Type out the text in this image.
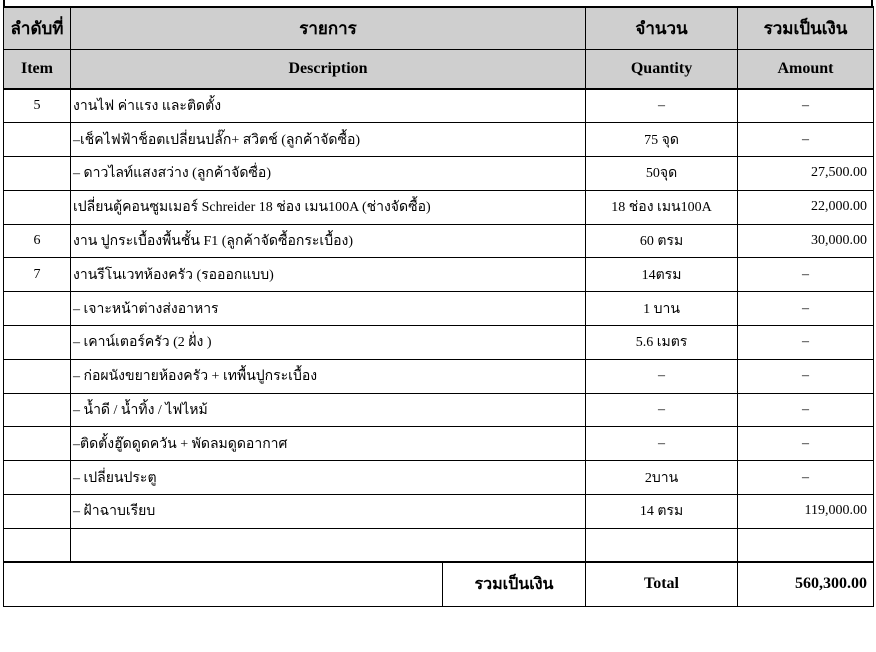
ลำดับที่	รายการ		จำนวน	รวมเป็นเงิน
Item	Description		Quantity	Amount
5	งานไฟ ค่าแรง และติดตั้ง		–	–
	–เช็คไฟฟ้าช็อตเปลี่ยนปลั๊ก+ สวิตช์ (ลูกค้าจัดซื้อ)		75 จุด	–
	– ดาวไลท์แสงสว่าง (ลูกค้าจัดซื่อ)		50จุด	27,500.00
	เปลี่ยนตู้คอนซูมเมอร์ Schreider 18 ช่อง เมน100A (ช่างจัดซื้อ)		18 ช่อง เมน100A	22,000.00
6	งาน ปูกระเบื้องพื้นชั้น F1 (ลูกค้าจัดซื้อกระเบื้อง)		60 ตรม	30,000.00
7	งานรีโนเวทห้องครัว (รอออกแบบ)		14ตรม	–
	– เจาะหน้าต่างส่งอาหาร		1 บาน	–
	– เคาน์เตอร์ครัว (2 ฝั่ง )		5.6 เมตร	–
	– ก่อผนังขยายห้องครัว + เทพื้นปูกระเบื้อง		–	–
	– น้ำดี / น้ำทิ้ง / ไฟไหม้		–	–
	–ติดตั้งฮู๊ดดูดควัน + พัดลมดูดอากาศ		–	–
	– เปลี่ยนประตู		2บาน	–
	– ฝ้าฉาบเรียบ		14 ตรม	119,000.00

		รวมเป็นเงิน	Total	560,300.00
